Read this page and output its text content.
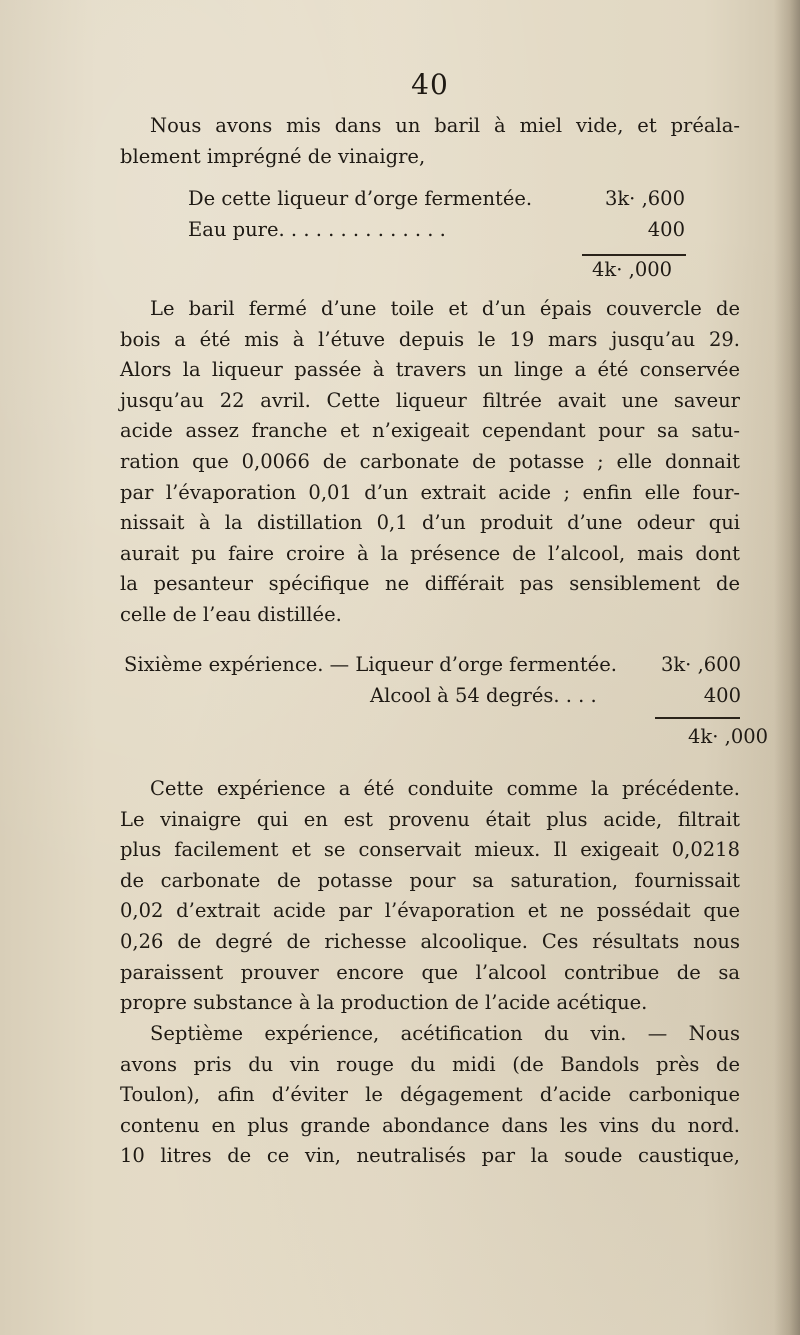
40
Nous avons mis dans un baril à miel vide, et préala-
blement imprégné de vinaigre,
De cette liqueur d’orge fermentée.	3k· ,600
Eau pure. . . . . . . . . . . . . .	400
4k· ,000
Le baril fermé d’une toile et d’un épais couvercle de
bois a été mis à l’étuve depuis le 19 mars jusqu’au 29.
Alors la liqueur passée à travers un linge a été conservée
jusqu’au 22 avril. Cette liqueur filtrée avait une saveur
acide assez franche et n’exigeait cependant pour sa satu-
ration que 0,0066 de carbonate de potasse ; elle donnait
par l’évaporation 0,01 d’un extrait acide ; enfin elle four-
nissait à la distillation 0,1 d’un produit d’une odeur qui
aurait pu faire croire à la présence de l’alcool, mais dont
la pesanteur spécifique ne différait pas sensiblement de
celle de l’eau distillée.
Sixième expérience. — Liqueur d’orge fermentée.	3k· ,600
Alcool à 54 degrés. . . .	400
4k· ,000
Cette expérience a été conduite comme la précédente.
Le vinaigre qui en est provenu était plus acide, filtrait
plus facilement et se conservait mieux. Il exigeait 0,0218
de carbonate de potasse pour sa saturation, fournissait
0,02 d’extrait acide par l’évaporation et ne possédait que
0,26 de degré de richesse alcoolique. Ces résultats nous
paraissent prouver encore que l’alcool contribue de sa
propre substance à la production de l’acide acétique.
Septième expérience, acétification du vin. — Nous
avons pris du vin rouge du midi (de Bandols près de
Toulon), afin d’éviter le dégagement d’acide carbonique
contenu en plus grande abondance dans les vins du nord.
10 litres de ce vin, neutralisés par la soude caustique,
